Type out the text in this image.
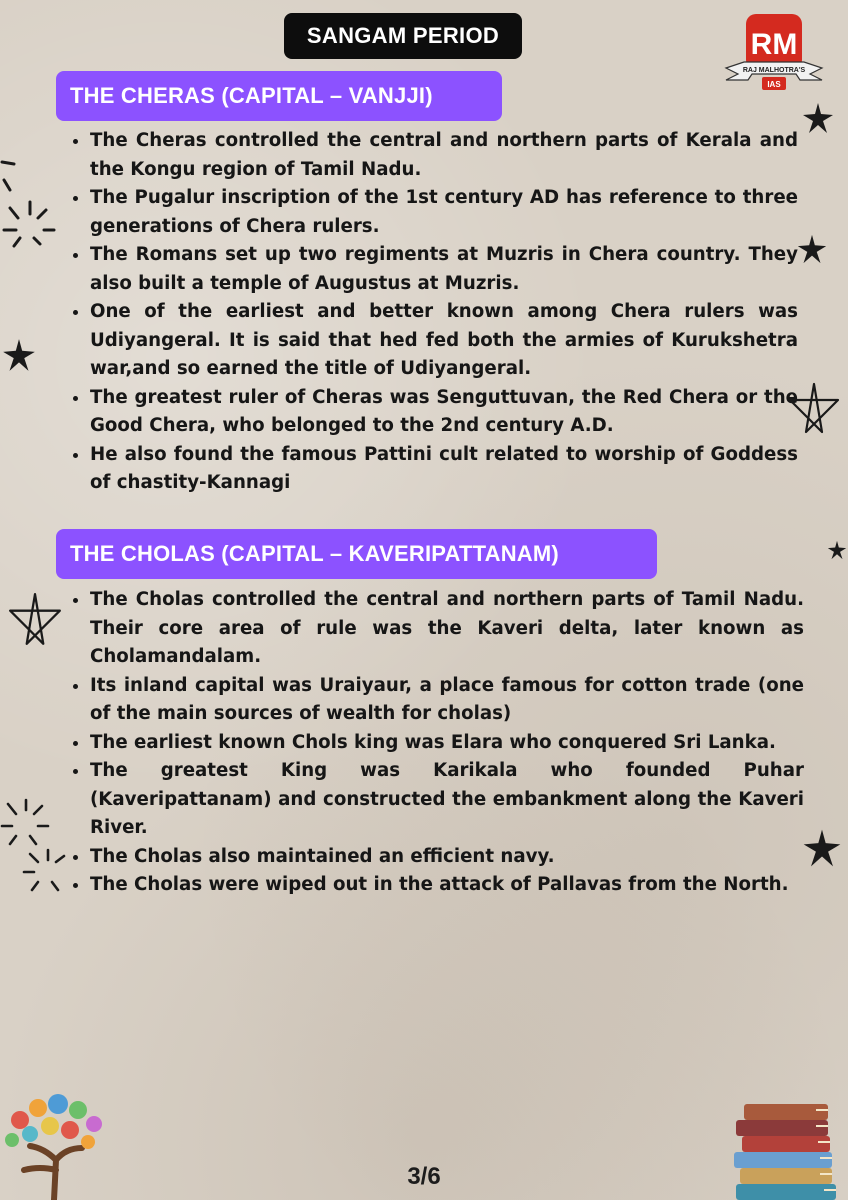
SANGAM PERIOD	RM
RAJ MALHOTRA'S
IAS
THE CHERAS (CAPITAL – VANJJI)
• The Cheras controlled the central and northern parts of Kerala and the Kongu region of Tamil Nadu.
• The Pugalur inscription of the 1st century AD has reference to three generations of Chera rulers.
• The Romans set up two regiments at Muzris in Chera country. They also built a temple of Augustus at Muzris.
• One of the earliest and better known among Chera rulers was Udiyangeral. It is said that hed fed both the armies of Kurukshetra war,and so earned the title of Udiyangeral.
• The greatest ruler of Cheras was Senguttuvan, the Red Chera or the Good Chera, who belonged to the 2nd century A.D.
• He also found the famous Pattini cult related to worship of Goddess of chastity-Kannagi
THE CHOLAS (CAPITAL – KAVERIPATTANAM)
• The Cholas controlled the central and northern parts of Tamil Nadu. Their core area of rule was the Kaveri delta, later known as Cholamandalam.
• Its inland capital was Uraiyaur, a place famous for cotton trade (one of the main sources of wealth for cholas)
• The earliest known Chols king was Elara who conquered Sri Lanka.
• The greatest King was Karikala who founded Puhar (Kaveripattanam) and constructed the embankment along the Kaveri River.
• The Cholas also maintained an efficient navy.
• The Cholas were wiped out in the attack of Pallavas from the North.
3/6
